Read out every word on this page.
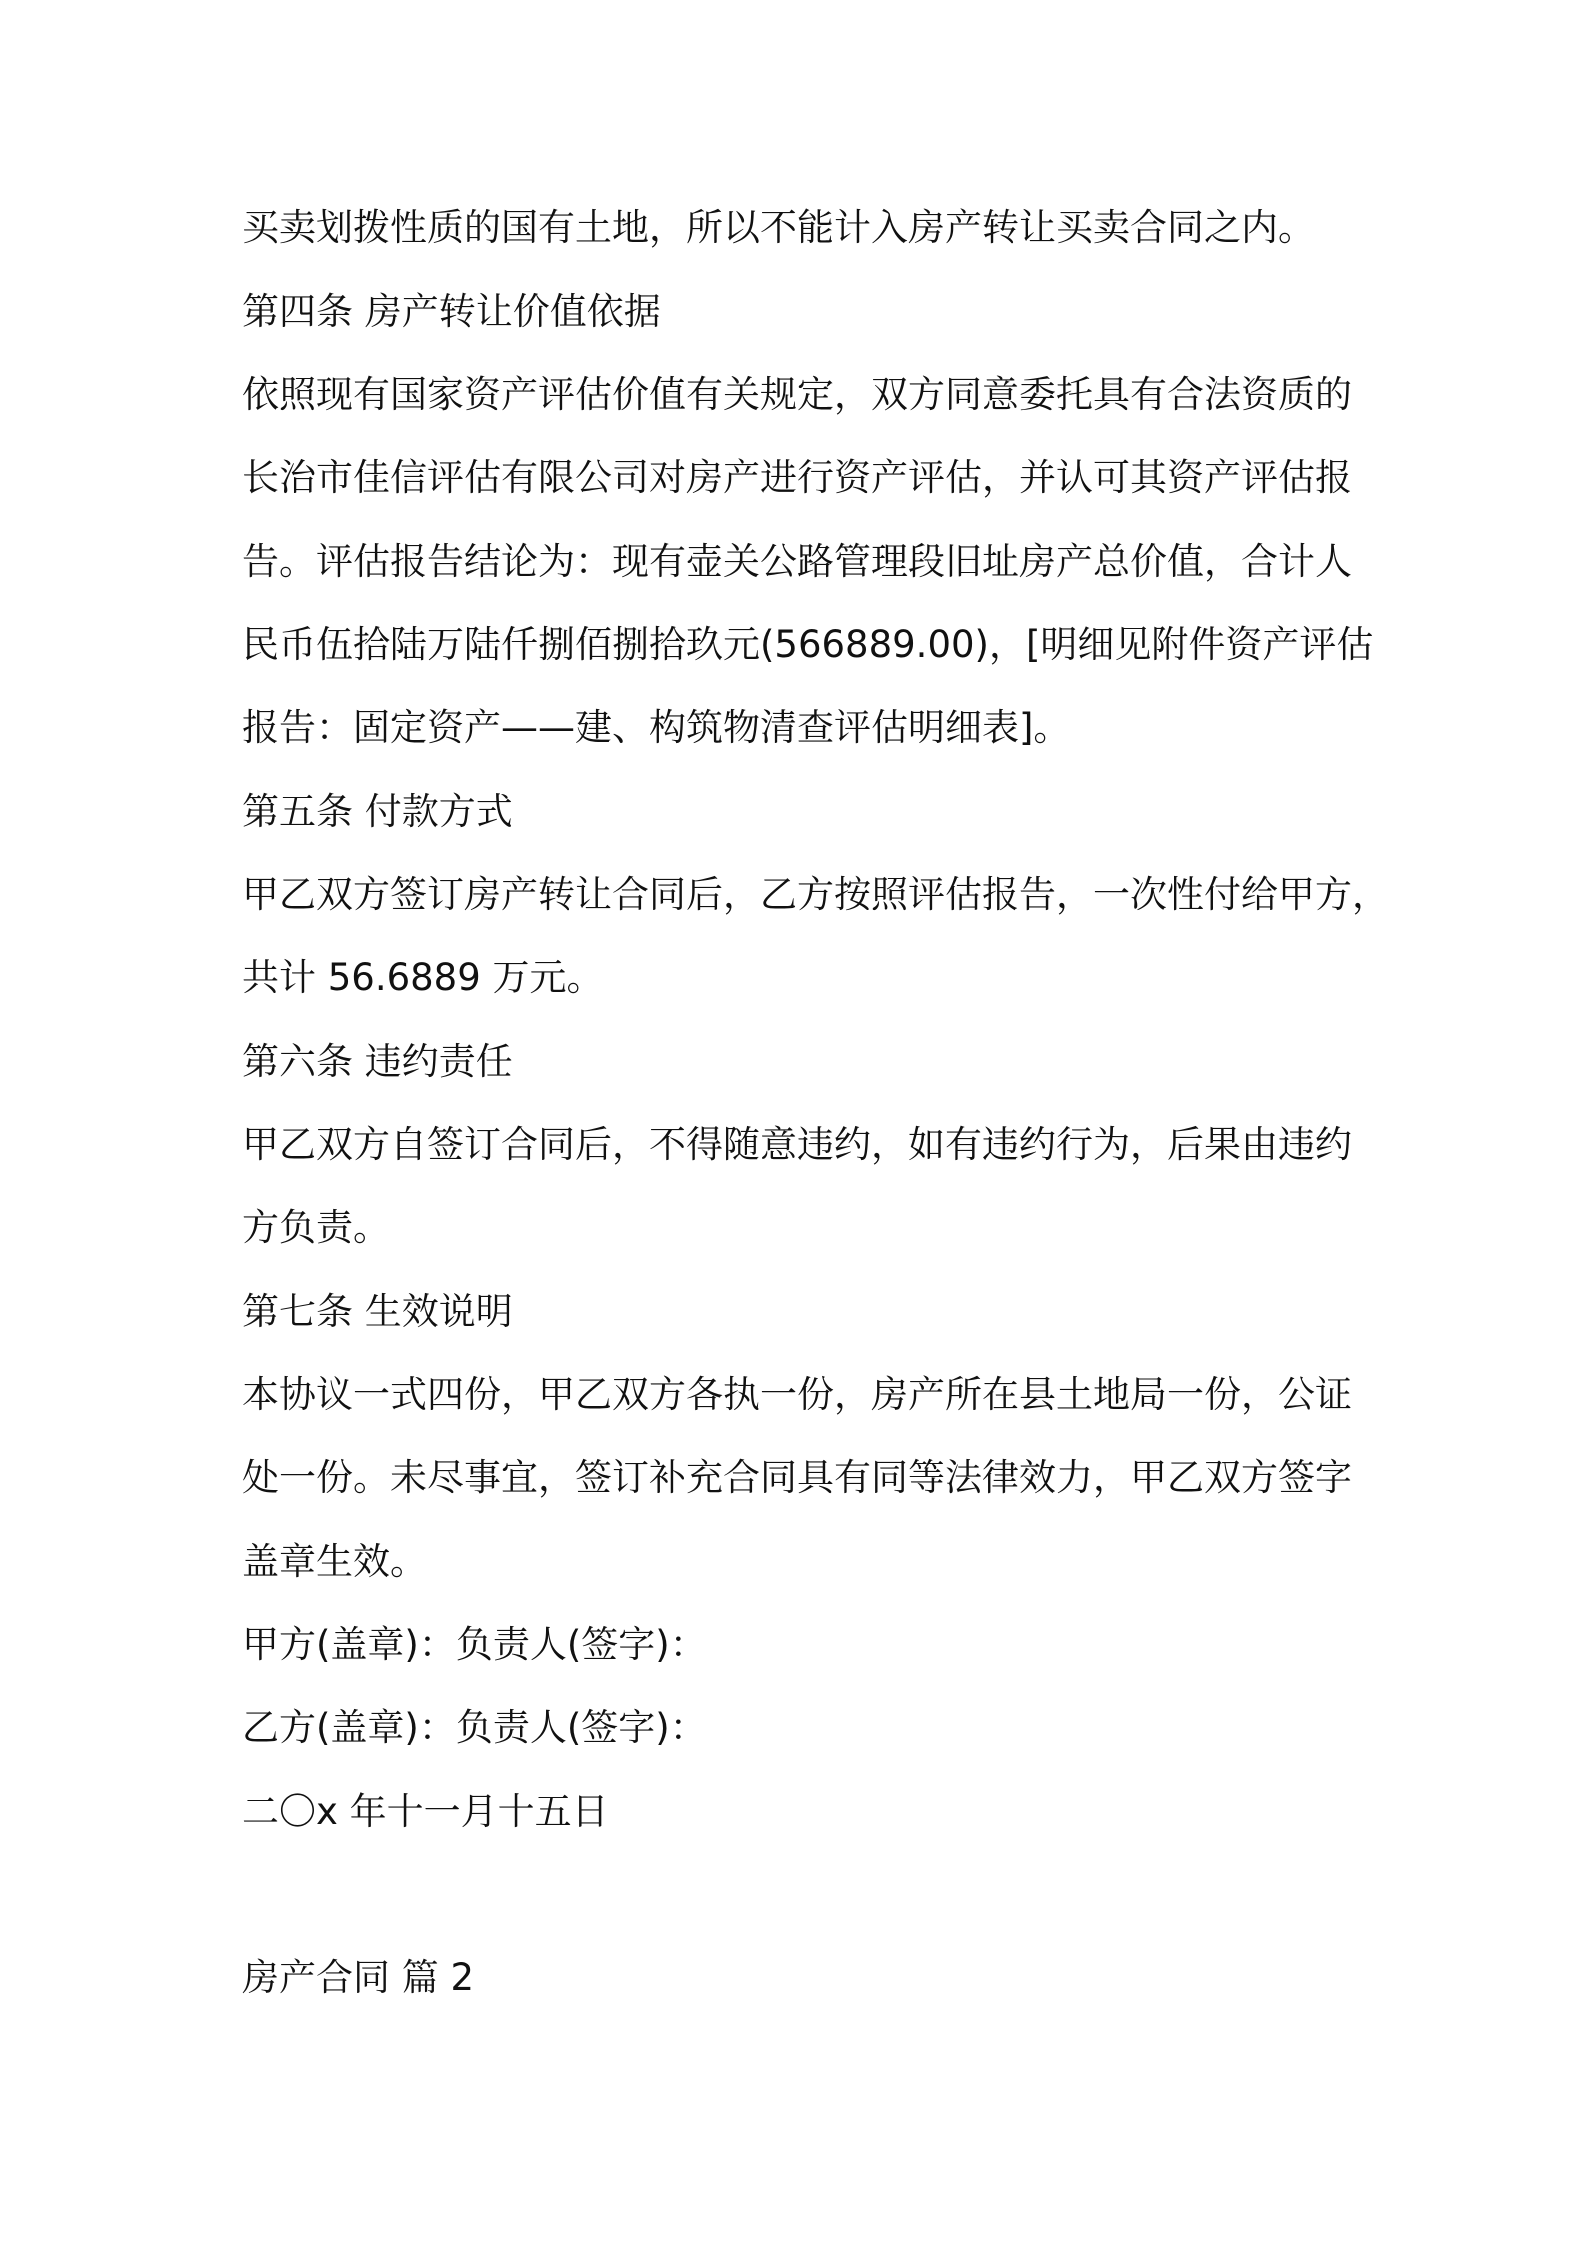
买卖划拨性质的国有土地，所以不能计入房产转让买卖合同之内。
第四条 房产转让价值依据
依照现有国家资产评估价值有关规定，双方同意委托具有合法资质的
长治市佳信评估有限公司对房产进行资产评估，并认可其资产评估报
告。评估报告结论为：现有壶关公路管理段旧址房产总价值，合计人
民币伍拾陆万陆仟捌佰捌拾玖元(566889.00)，[明细见附件资产评估
报告：固定资产——建、构筑物清查评估明细表]。
第五条 付款方式
甲乙双方签订房产转让合同后，乙方按照评估报告，一次性付给甲方，
共计 56.6889 万元。
第六条 违约责任
甲乙双方自签订合同后，不得随意违约，如有违约行为，后果由违约
方负责。
第七条 生效说明
本协议一式四份，甲乙双方各执一份，房产所在县土地局一份，公证
处一份。未尽事宜，签订补充合同具有同等法律效力，甲乙双方签字
盖章生效。
甲方(盖章)：负责人(签字)：
乙方(盖章)：负责人(签字)：
二〇x 年十一月十五日
房产合同 篇 2
